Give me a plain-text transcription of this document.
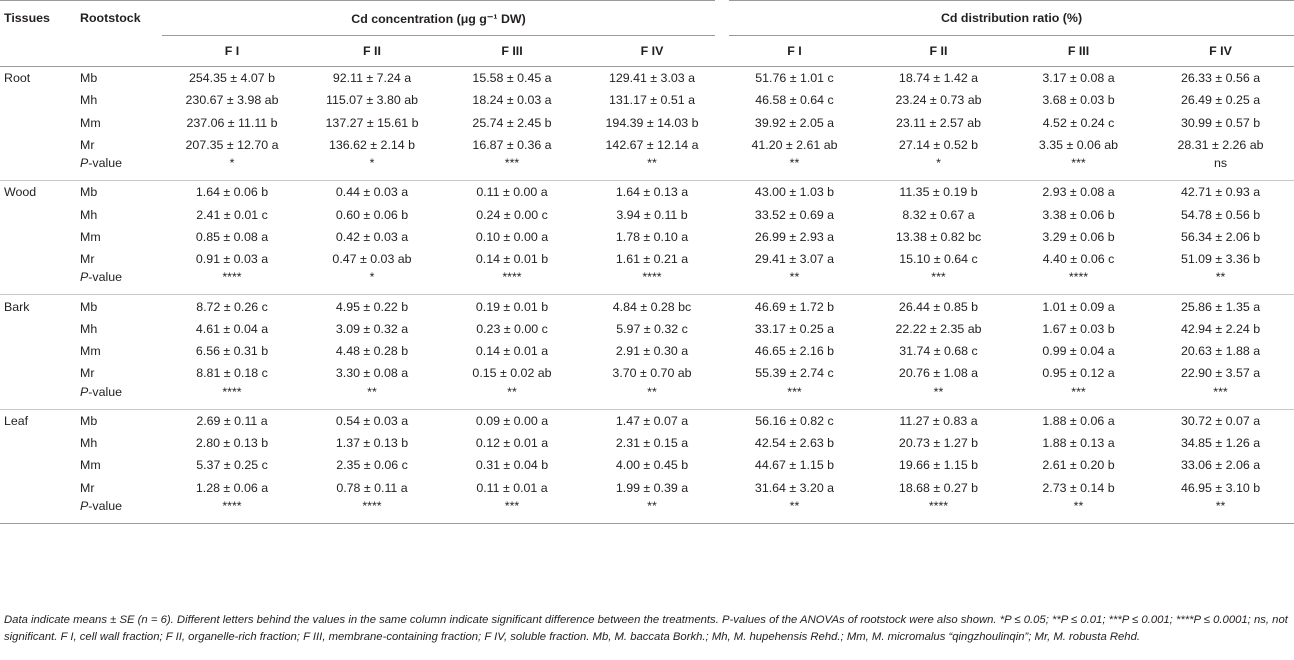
Tissues	Rootstock	Cd concentration (μg g⁻¹ DW)				Cd distribution ratio (%)			
		F I	F II	F III	F IV	F I	F II	F III	F IV
Root	Mb	254.35 ± 4.07 b	92.11 ± 7.24 a	15.58 ± 0.45 a	129.41 ± 3.03 a	51.76 ± 1.01 c	18.74 ± 1.42 a	3.17 ± 0.08 a	26.33 ± 0.56 a
	Mh	230.67 ± 3.98 ab	115.07 ± 3.80 ab	18.24 ± 0.03 a	131.17 ± 0.51 a	46.58 ± 0.64 c	23.24 ± 0.73 ab	3.68 ± 0.03 b	26.49 ± 0.25 a
	Mm	237.06 ± 11.11 b	137.27 ± 15.61 b	25.74 ± 2.45 b	194.39 ± 14.03 b	39.92 ± 2.05 a	23.11 ± 2.57 ab	4.52 ± 0.24 c	30.99 ± 0.57 b
	Mr	207.35 ± 12.70 a	136.62 ± 2.14 b	16.87 ± 0.36 a	142.67 ± 12.14 a	41.20 ± 2.61 ab	27.14 ± 0.52 b	3.35 ± 0.06 ab	28.31 ± 2.26 ab
	P-value	*	*	***	**	**	*	***	ns
Wood	Mb	1.64 ± 0.06 b	0.44 ± 0.03 a	0.11 ± 0.00 a	1.64 ± 0.13 a	43.00 ± 1.03 b	11.35 ± 0.19 b	2.93 ± 0.08 a	42.71 ± 0.93 a
	Mh	2.41 ± 0.01 c	0.60 ± 0.06 b	0.24 ± 0.00 c	3.94 ± 0.11 b	33.52 ± 0.69 a	8.32 ± 0.67 a	3.38 ± 0.06 b	54.78 ± 0.56 b
	Mm	0.85 ± 0.08 a	0.42 ± 0.03 a	0.10 ± 0.00 a	1.78 ± 0.10 a	26.99 ± 2.93 a	13.38 ± 0.82 bc	3.29 ± 0.06 b	56.34 ± 2.06 b
	Mr	0.91 ± 0.03 a	0.47 ± 0.03 ab	0.14 ± 0.01 b	1.61 ± 0.21 a	29.41 ± 3.07 a	15.10 ± 0.64 c	4.40 ± 0.06 c	51.09 ± 3.36 b
	P-value	****	*	****	****	**	***	****	**
Bark	Mb	8.72 ± 0.26 c	4.95 ± 0.22 b	0.19 ± 0.01 b	4.84 ± 0.28 bc	46.69 ± 1.72 b	26.44 ± 0.85 b	1.01 ± 0.09 a	25.86 ± 1.35 a
	Mh	4.61 ± 0.04 a	3.09 ± 0.32 a	0.23 ± 0.00 c	5.97 ± 0.32 c	33.17 ± 0.25 a	22.22 ± 2.35 ab	1.67 ± 0.03 b	42.94 ± 2.24 b
	Mm	6.56 ± 0.31 b	4.48 ± 0.28 b	0.14 ± 0.01 a	2.91 ± 0.30 a	46.65 ± 2.16 b	31.74 ± 0.68 c	0.99 ± 0.04 a	20.63 ± 1.88 a
	Mr	8.81 ± 0.18 c	3.30 ± 0.08 a	0.15 ± 0.02 ab	3.70 ± 0.70 ab	55.39 ± 2.74 c	20.76 ± 1.08 a	0.95 ± 0.12 a	22.90 ± 3.57 a
	P-value	****	**	**	**	***	**	***	***
Leaf	Mb	2.69 ± 0.11 a	0.54 ± 0.03 a	0.09 ± 0.00 a	1.47 ± 0.07 a	56.16 ± 0.82 c	11.27 ± 0.83 a	1.88 ± 0.06 a	30.72 ± 0.07 a
	Mh	2.80 ± 0.13 b	1.37 ± 0.13 b	0.12 ± 0.01 a	2.31 ± 0.15 a	42.54 ± 2.63 b	20.73 ± 1.27 b	1.88 ± 0.13 a	34.85 ± 1.26 a
	Mm	5.37 ± 0.25 c	2.35 ± 0.06 c	0.31 ± 0.04 b	4.00 ± 0.45 b	44.67 ± 1.15 b	19.66 ± 1.15 b	2.61 ± 0.20 b	33.06 ± 2.06 a
	Mr	1.28 ± 0.06 a	0.78 ± 0.11 a	0.11 ± 0.01 a	1.99 ± 0.39 a	31.64 ± 3.20 a	18.68 ± 0.27 b	2.73 ± 0.14 b	46.95 ± 3.10 b
	P-value	****	****	***	**	**	****	**	**
Data indicate means ± SE (n = 6). Different letters behind the values in the same column indicate significant difference between the treatments. P-values of the ANOVAs of rootstock were also shown. *P ≤ 0.05; **P ≤ 0.01; ***P ≤ 0.001; ****P ≤ 0.0001; ns, not significant. F I, cell wall fraction; F II, organelle-rich fraction; F III, membrane-containing fraction; F IV, soluble fraction. Mb, M. baccata Borkh.; Mh, M. hupehensis Rehd.; Mm, M. micromalus “qingzhoulinqin”; Mr, M. robusta Rehd.
